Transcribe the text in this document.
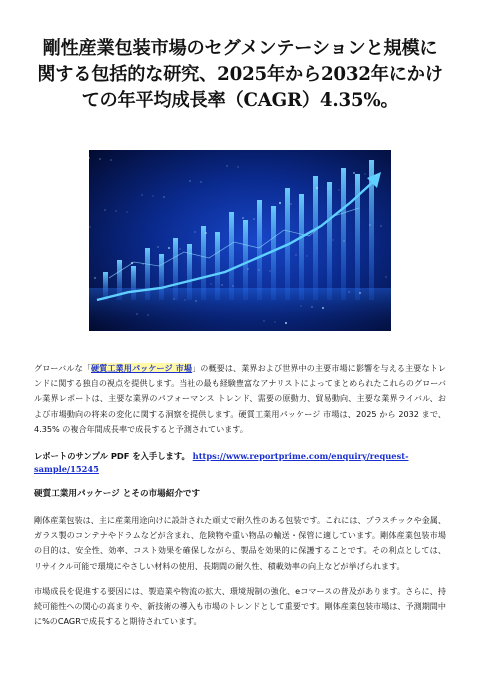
剛性産業包装市場のセグメンテーションと規模に関する包括的な研究、2025年から2032年にかけての年平均成長率（CAGR）4.35%。

グローバルな「硬質工業用パッケージ 市場」の概要は、業界および世界中の主要市場に影響を与える主要なトレンドに関する独自の視点を提供します。当社の最も経験豊富なアナリストによってまとめられたこれらのグローバル業界レポートは、主要な業界のパフォーマンス トレンド、需要の原動力、貿易動向、主要な業界ライバル、および市場動向の将来の変化に関する洞察を提供します。硬質工業用パッケージ 市場は、2025 から 2032 まで、4.35% の複合年間成長率で成長すると予測されています。

レポートのサンプル PDF を入手します。 https://www.reportprime.com/enquiry/request-sample/15245

硬質工業用パッケージ とその市場紹介です

剛体産業包装は、主に産業用途向けに設計された頑丈で耐久性のある包装です。これには、プラスチックや金属、ガラス製のコンテナやドラムなどが含まれ、危険物や重い物品の輸送・保管に適しています。剛体産業包装市場の目的は、安全性、効率、コスト効果を確保しながら、製品を効果的に保護することです。その利点としては、リサイクル可能で環境にやさしい材料の使用、長期間の耐久性、積載効率の向上などが挙げられます。

市場成長を促進する要因には、製造業や物流の拡大、環境規制の強化、eコマースの普及があります。さらに、持続可能性への関心の高まりや、新技術の導入も市場のトレンドとして重要です。剛体産業包装市場は、予測期間中に%のCAGRで成長すると期待されています。
